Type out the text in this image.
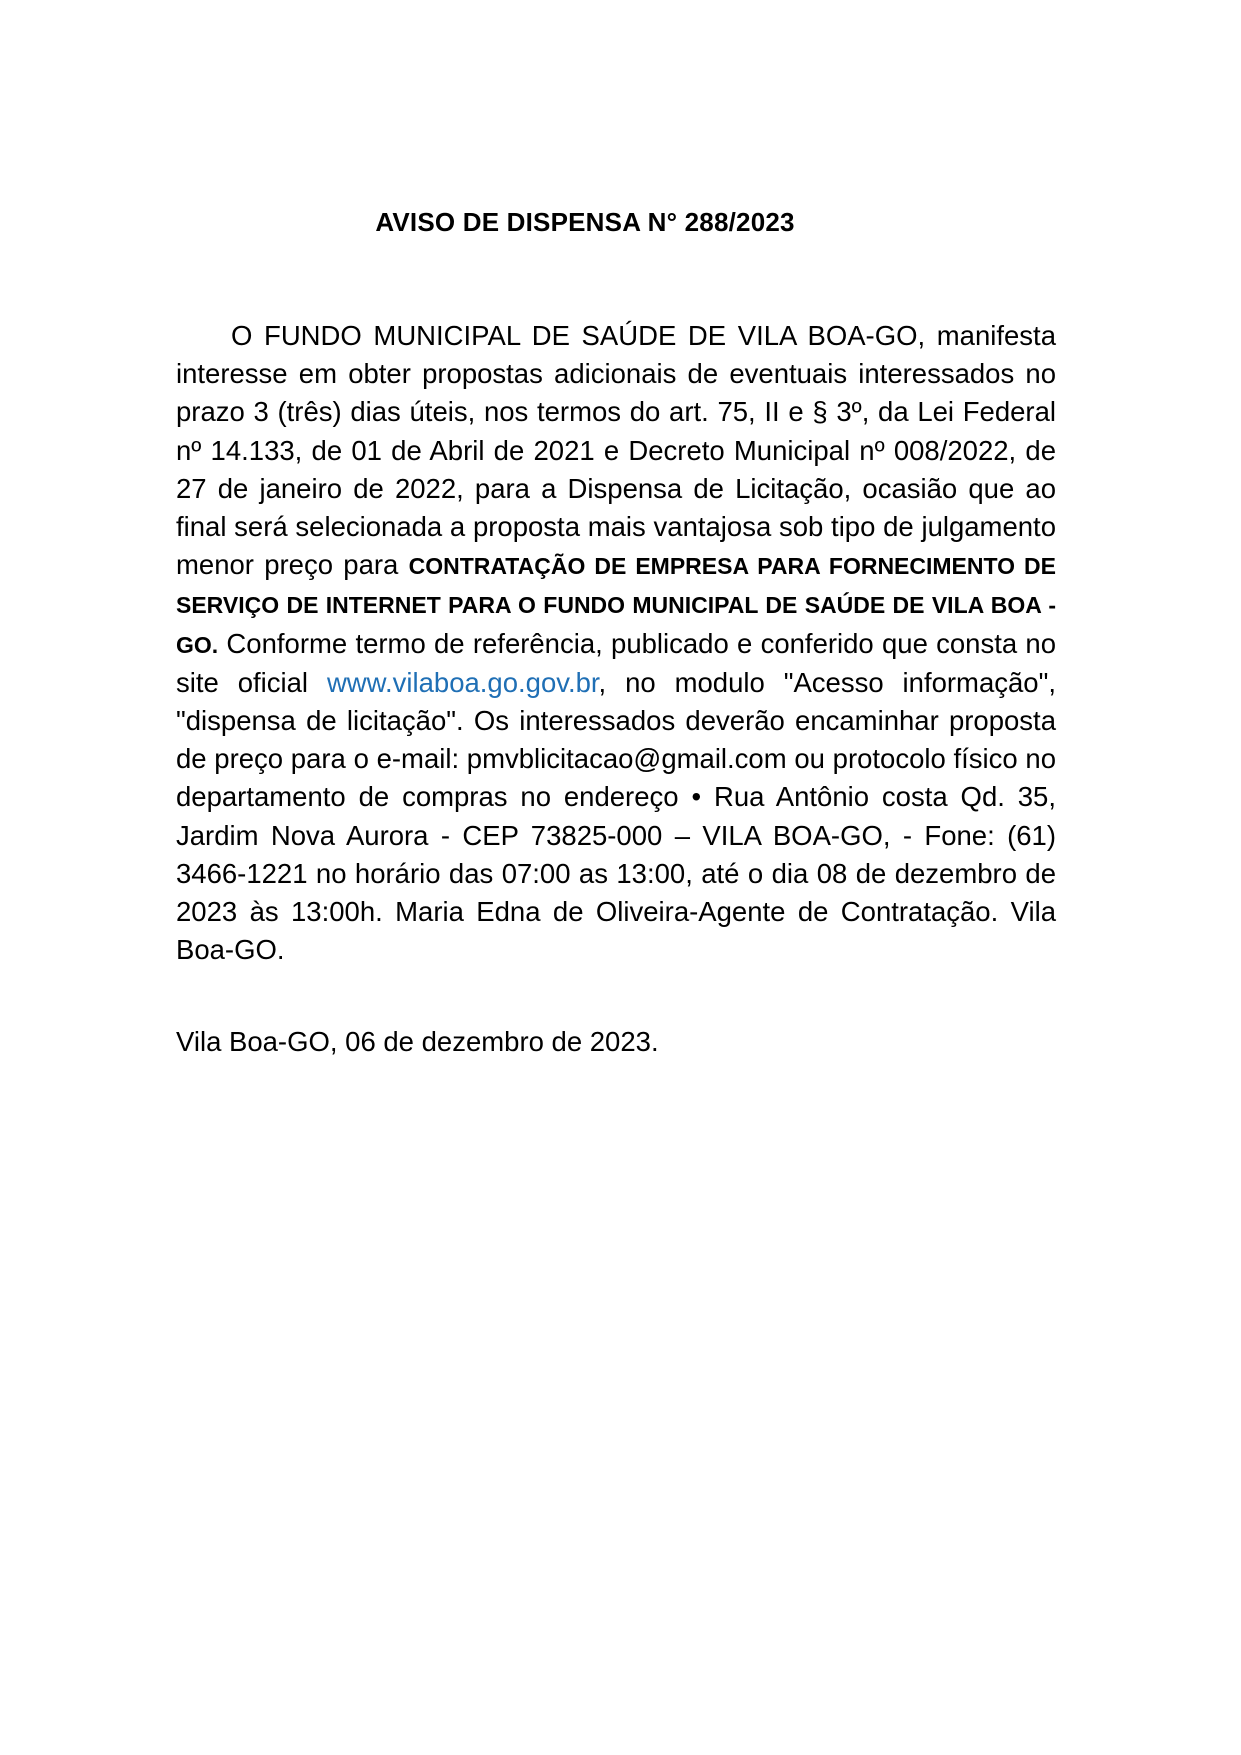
AVISO DE DISPENSA N° 288/2023

O FUNDO MUNICIPAL DE SAÚDE DE VILA BOA-GO, manifesta interesse em obter propostas adicionais de eventuais interessados no prazo 3 (três) dias úteis, nos termos do art. 75, II e § 3º, da Lei Federal nº 14.133, de 01 de Abril de 2021 e Decreto Municipal nº 008/2022, de 27 de janeiro de 2022, para a Dispensa de Licitação, ocasião que ao final será selecionada a proposta mais vantajosa sob tipo de julgamento menor preço para CONTRATAÇÃO DE EMPRESA PARA FORNECIMENTO DE SERVIÇO DE INTERNET PARA O FUNDO MUNICIPAL DE SAÚDE DE VILA BOA - GO. Conforme termo de referência, publicado e conferido que consta no site oficial www.vilaboa.go.gov.br, no modulo "Acesso informação", "dispensa de licitação". Os interessados deverão encaminhar proposta de preço para o e-mail: pmvblicitacao@gmail.com ou protocolo físico no departamento de compras no endereço • Rua Antônio costa Qd. 35, Jardim Nova Aurora - CEP 73825-000 – VILA BOA-GO, - Fone: (61) 3466-1221 no horário das 07:00 as 13:00, até o dia 08 de dezembro de 2023 às 13:00h. Maria Edna de Oliveira-Agente de Contratação. Vila Boa-GO.

Vila Boa-GO, 06 de dezembro de 2023.
